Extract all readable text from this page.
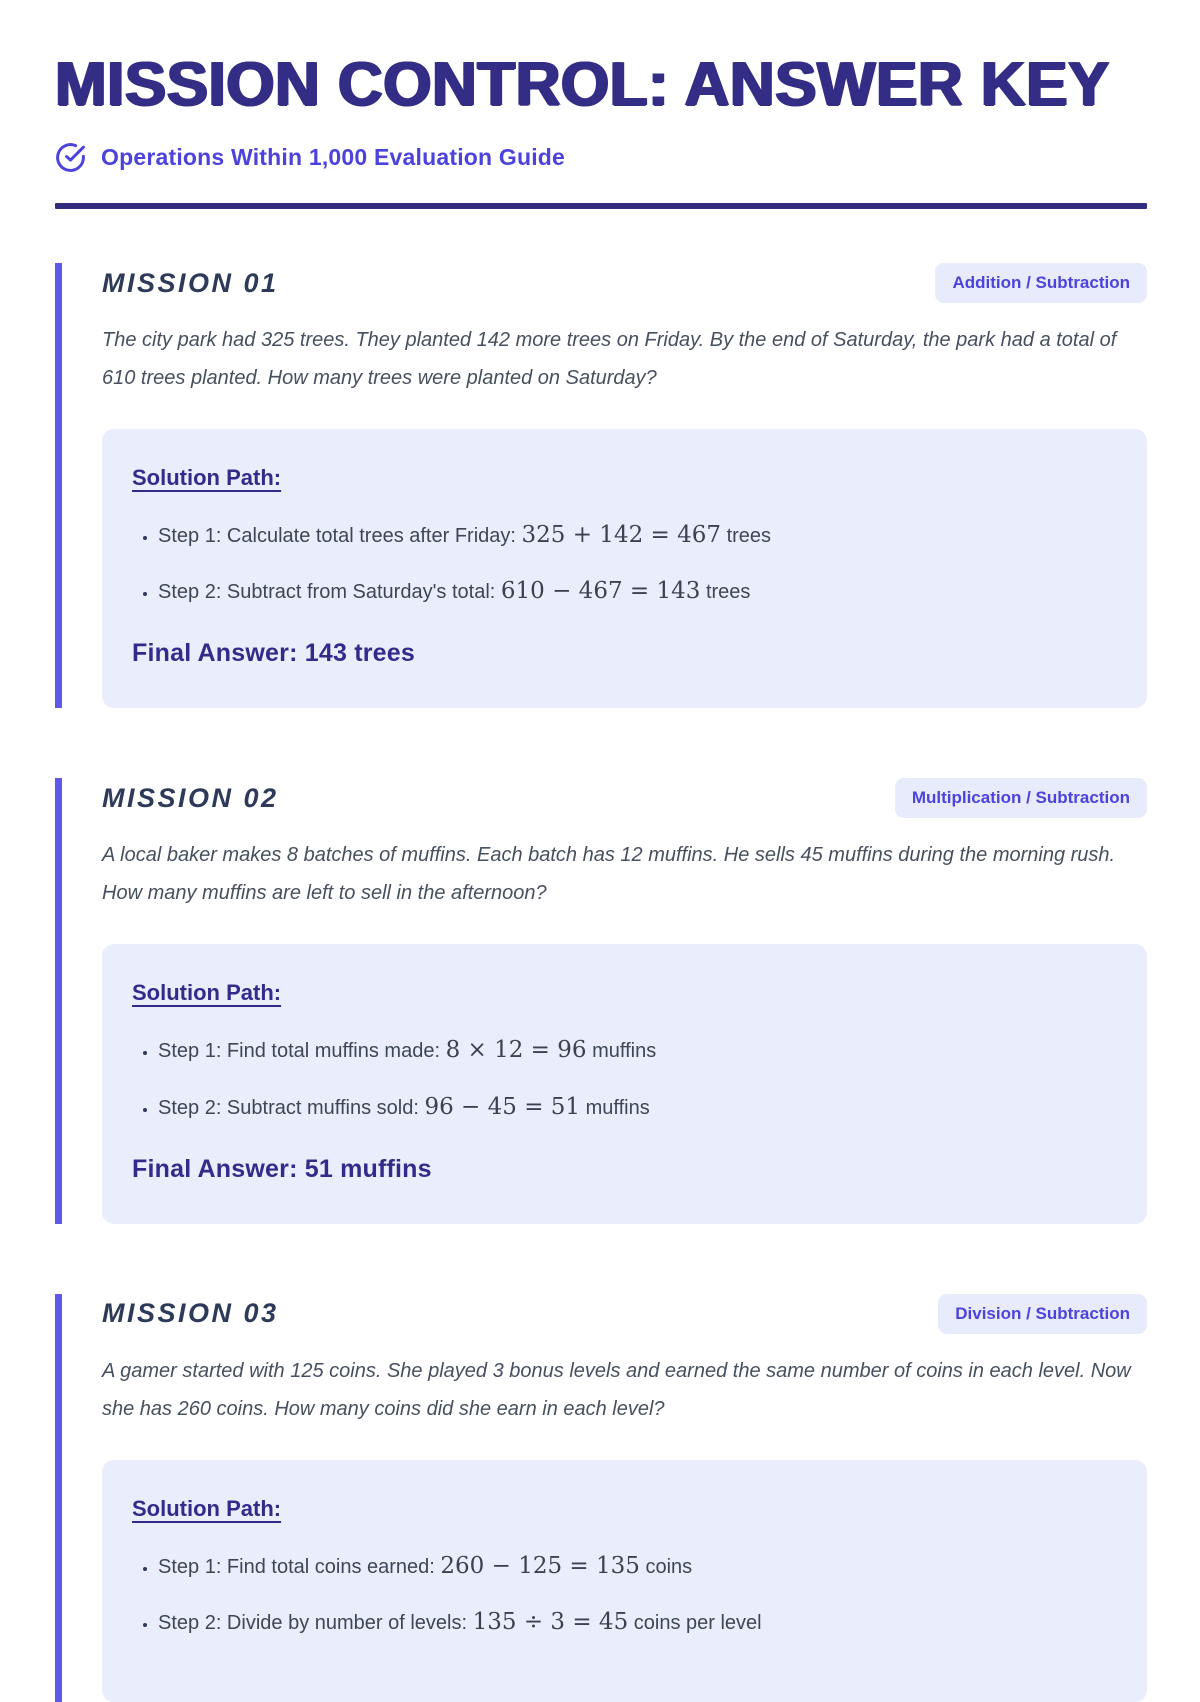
MISSION CONTROL: ANSWER KEY
Operations Within 1,000 Evaluation Guide
MISSION 01	Addition / Subtraction

The city park had 325 trees. They planted 142 more trees on Friday. By the end of Saturday, the park had a total of 610 trees planted. How many trees were planted on Saturday?

Solution Path:
• Step 1: Calculate total trees after Friday: 325 + 142 = 467 trees
• Step 2: Subtract from Saturday's total: 610 − 467 = 143 trees
Final Answer: 143 trees
MISSION 02	Multiplication / Subtraction

A local baker makes 8 batches of muffins. Each batch has 12 muffins. He sells 45 muffins during the morning rush. How many muffins are left to sell in the afternoon?

Solution Path:
• Step 1: Find total muffins made: 8 × 12 = 96 muffins
• Step 2: Subtract muffins sold: 96 − 45 = 51 muffins
Final Answer: 51 muffins
MISSION 03	Division / Subtraction

A gamer started with 125 coins. She played 3 bonus levels and earned the same number of coins in each level. Now she has 260 coins. How many coins did she earn in each level?

Solution Path:
• Step 1: Find total coins earned: 260 − 125 = 135 coins
• Step 2: Divide by number of levels: 135 ÷ 3 = 45 coins per level
